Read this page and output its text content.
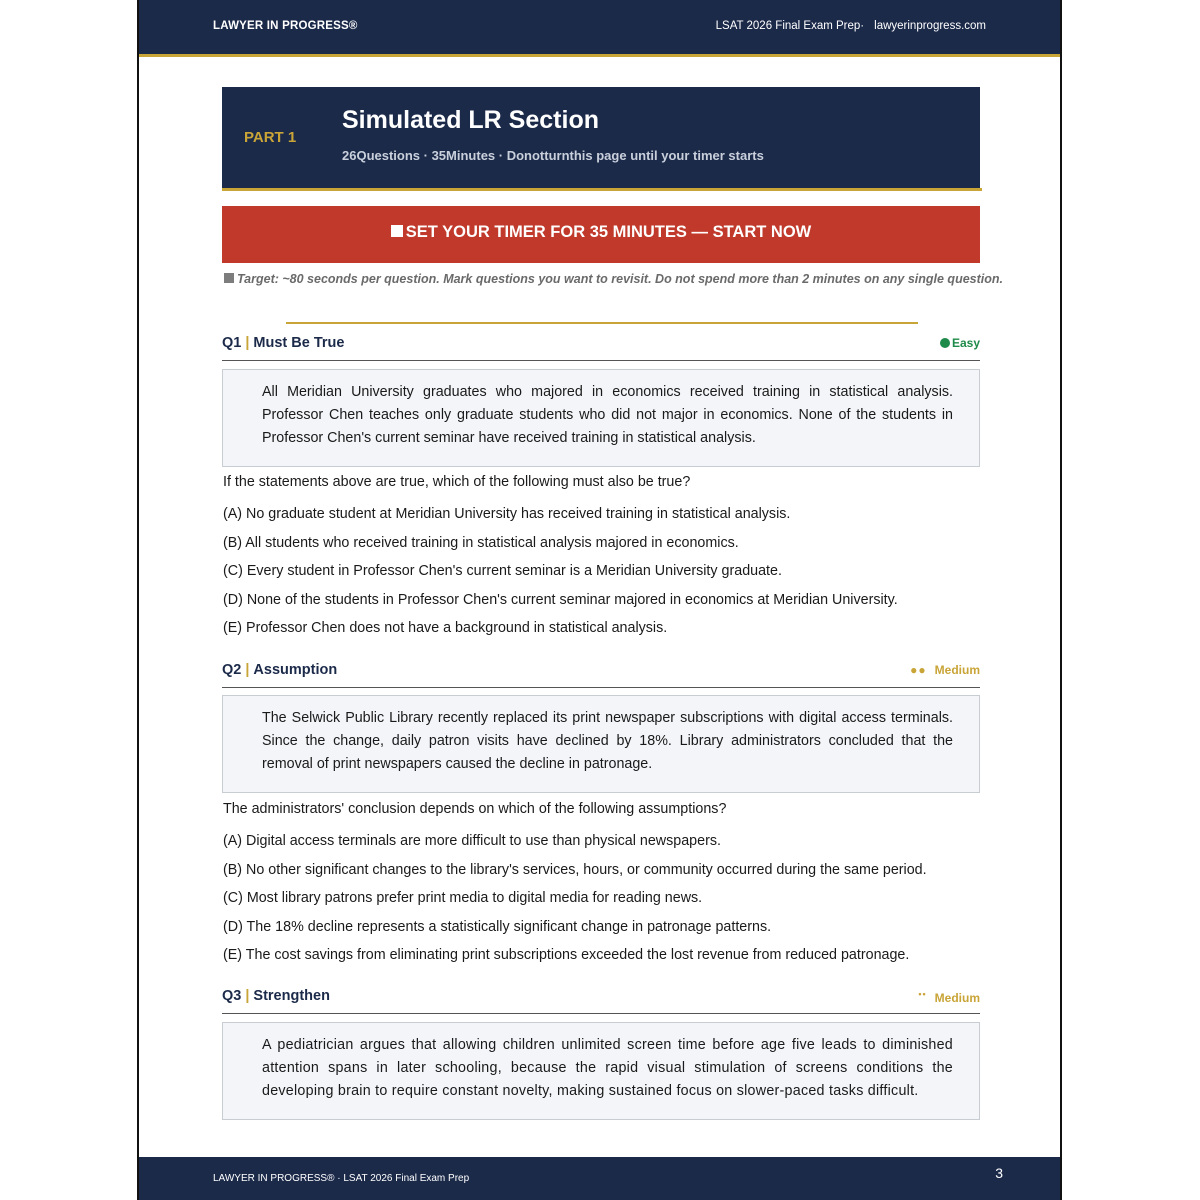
LAWYER IN PROGRESS®	LSAT 2026 Final Exam Prep· lawyerinprogress.com
PART 1
Simulated LR Section
26Questions · 35Minutes · Donotturnthis page until your timer starts
SET YOUR TIMER FOR 35 MINUTES — START NOW
Target: ~80 seconds per question. Mark questions you want to revisit. Do not spend more than 2 minutes on any single question.
Q1 | Must Be True	Easy
All Meridian University graduates who majored in economics received training in statistical analysis. Professor Chen teaches only graduate students who did not major in economics. None of the students in Professor Chen's current seminar have received training in statistical analysis.
If the statements above are true, which of the following must also be true?
(A) No graduate student at Meridian University has received training in statistical analysis.
(B) All students who received training in statistical analysis majored in economics.
(C) Every student in Professor Chen's current seminar is a Meridian University graduate.
(D) None of the students in Professor Chen's current seminar majored in economics at Meridian University.
(E) Professor Chen does not have a background in statistical analysis.
Q2 | Assumption	●● Medium
The Selwick Public Library recently replaced its print newspaper subscriptions with digital access terminals. Since the change, daily patron visits have declined by 18%. Library administrators concluded that the removal of print newspapers caused the decline in patronage.
The administrators' conclusion depends on which of the following assumptions?
(A) Digital access terminals are more difficult to use than physical newspapers.
(B) No other significant changes to the library's services, hours, or community occurred during the same period.
(C) Most library patrons prefer print media to digital media for reading news.
(D) The 18% decline represents a statistically significant change in patronage patterns.
(E) The cost savings from eliminating print subscriptions exceeded the lost revenue from reduced patronage.
Q3 | Strengthen	•• Medium
A pediatrician argues that allowing children unlimited screen time before age five leads to diminished attention spans in later schooling, because the rapid visual stimulation of screens conditions the developing brain to require constant novelty, making sustained focus on slower-paced tasks difficult.
LAWYER IN PROGRESS® · LSAT 2026 Final Exam Prep	3
